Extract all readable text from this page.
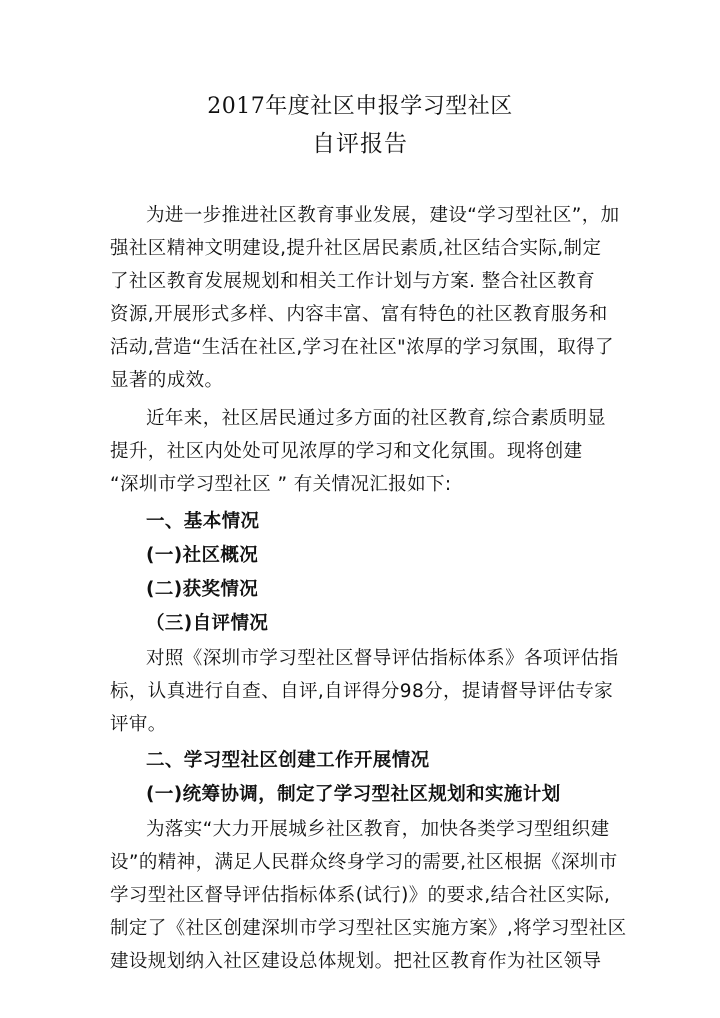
2017年度社区申报学习型社区
自评报告
为进一步推进社区教育事业发展，建设“学习型社区”，加
强社区精神文明建设,提升社区居民素质,社区结合实际,制定
了社区教育发展规划和相关工作计划与方案. 整合社区教育
资源,开展形式多样、内容丰富、富有特色的社区教育服务和
活动,营造“生活在社区,学习在社区"浓厚的学习氛围，取得了
显著的成效。
近年来，社区居民通过多方面的社区教育,综合素质明显
提升，社区内处处可见浓厚的学习和文化氛围。现将创建
“深圳市学习型社区 ” 有关情况汇报如下:
一、基本情况
(一)社区概况
(二)获奖情况
（三)自评情况
对照《深圳市学习型社区督导评估指标体系》各项评估指
标，认真进行自查、自评,自评得分98分，提请督导评估专家
评审。
二、学习型社区创建工作开展情况
(一)统筹协调，制定了学习型社区规划和实施计划
为落实“大力开展城乡社区教育，加快各类学习型组织建
设”的精神，满足人民群众终身学习的需要,社区根据《深圳市
学习型社区督导评估指标体系(试行)》的要求,结合社区实际,
制定了《社区创建深圳市学习型社区实施方案》,将学习型社区
建设规划纳入社区建设总体规划。把社区教育作为社区领导
